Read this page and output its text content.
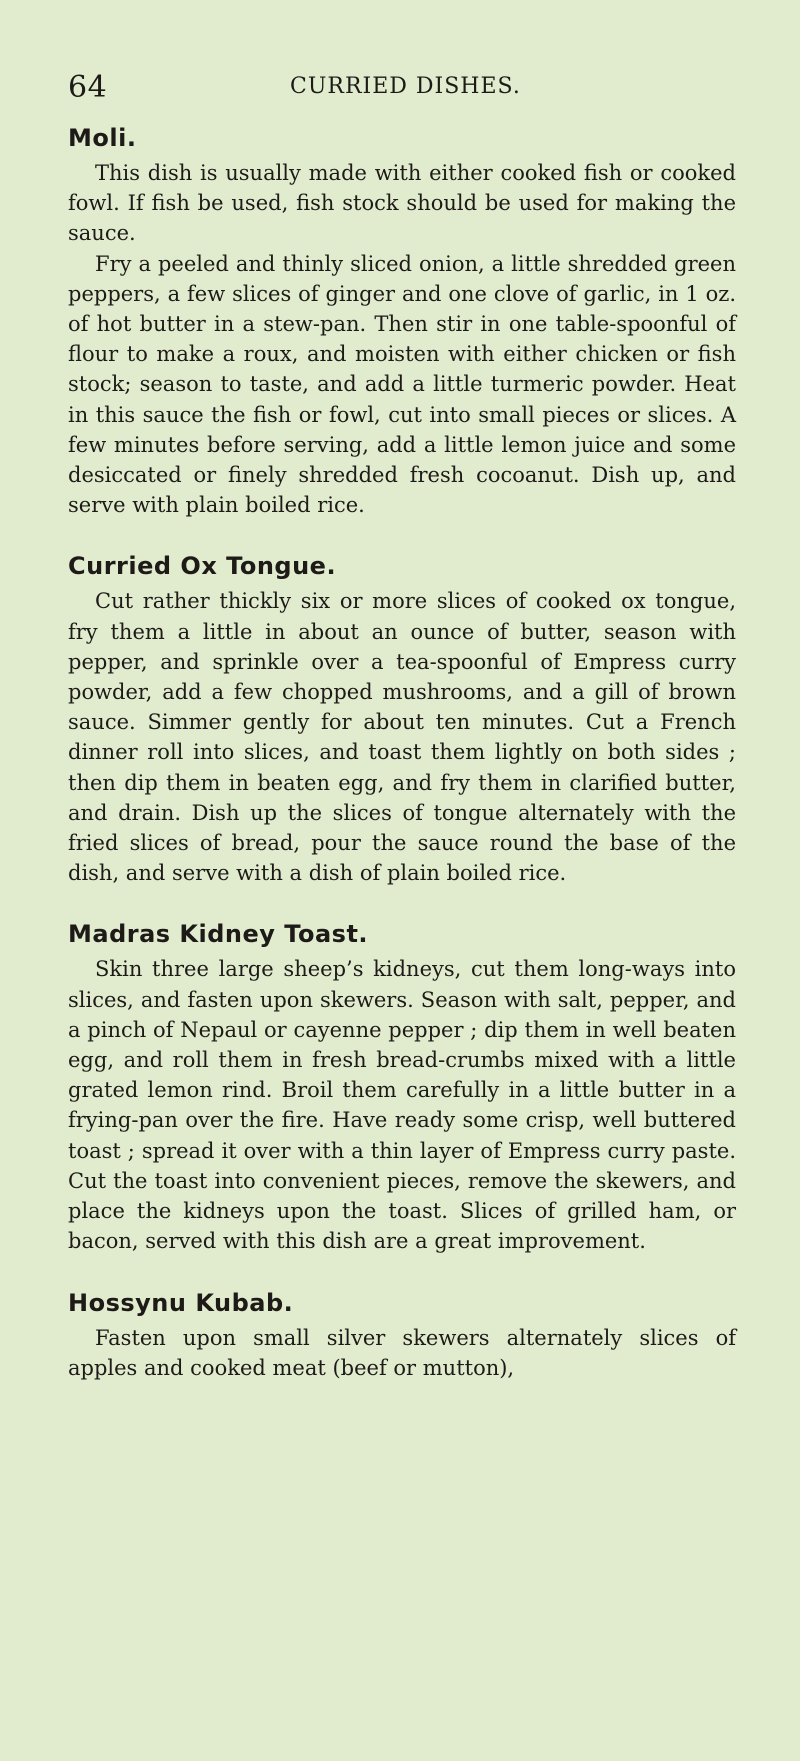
64	CURRIED DISHES.
Moli.

This dish is usually made with either cooked fish or cooked fowl. If fish be used, fish stock should be used for making the sauce.

Fry a peeled and thinly sliced onion, a little shredded green peppers, a few slices of ginger and one clove of garlic, in 1 oz. of hot butter in a stew-pan. Then stir in one table-spoonful of flour to make a roux, and moisten with either chicken or fish stock; season to taste, and add a little turmeric powder. Heat in this sauce the fish or fowl, cut into small pieces or slices. A few minutes before serving, add a little lemon juice and some desiccated or finely shredded fresh cocoanut. Dish up, and serve with plain boiled rice.

Curried Ox Tongue.

Cut rather thickly six or more slices of cooked ox tongue, fry them a little in about an ounce of butter, season with pepper, and sprinkle over a tea-spoonful of Empress curry powder, add a few chopped mushrooms, and a gill of brown sauce. Simmer gently for about ten minutes. Cut a French dinner roll into slices, and toast them lightly on both sides ; then dip them in beaten egg, and fry them in clarified butter, and drain. Dish up the slices of tongue alternately with the fried slices of bread, pour the sauce round the base of the dish, and serve with a dish of plain boiled rice.

Madras Kidney Toast.

Skin three large sheep’s kidneys, cut them long-ways into slices, and fasten upon skewers. Season with salt, pepper, and a pinch of Nepaul or cayenne pepper ; dip them in well beaten egg, and roll them in fresh bread-crumbs mixed with a little grated lemon rind. Broil them carefully in a little butter in a frying-pan over the fire. Have ready some crisp, well buttered toast ; spread it over with a thin layer of Empress curry paste. Cut the toast into convenient pieces, remove the skewers, and place the kidneys upon the toast. Slices of grilled ham, or bacon, served with this dish are a great improvement.

Hossynu Kubab.

Fasten upon small silver skewers alternately slices of apples and cooked meat (beef or mutton),
